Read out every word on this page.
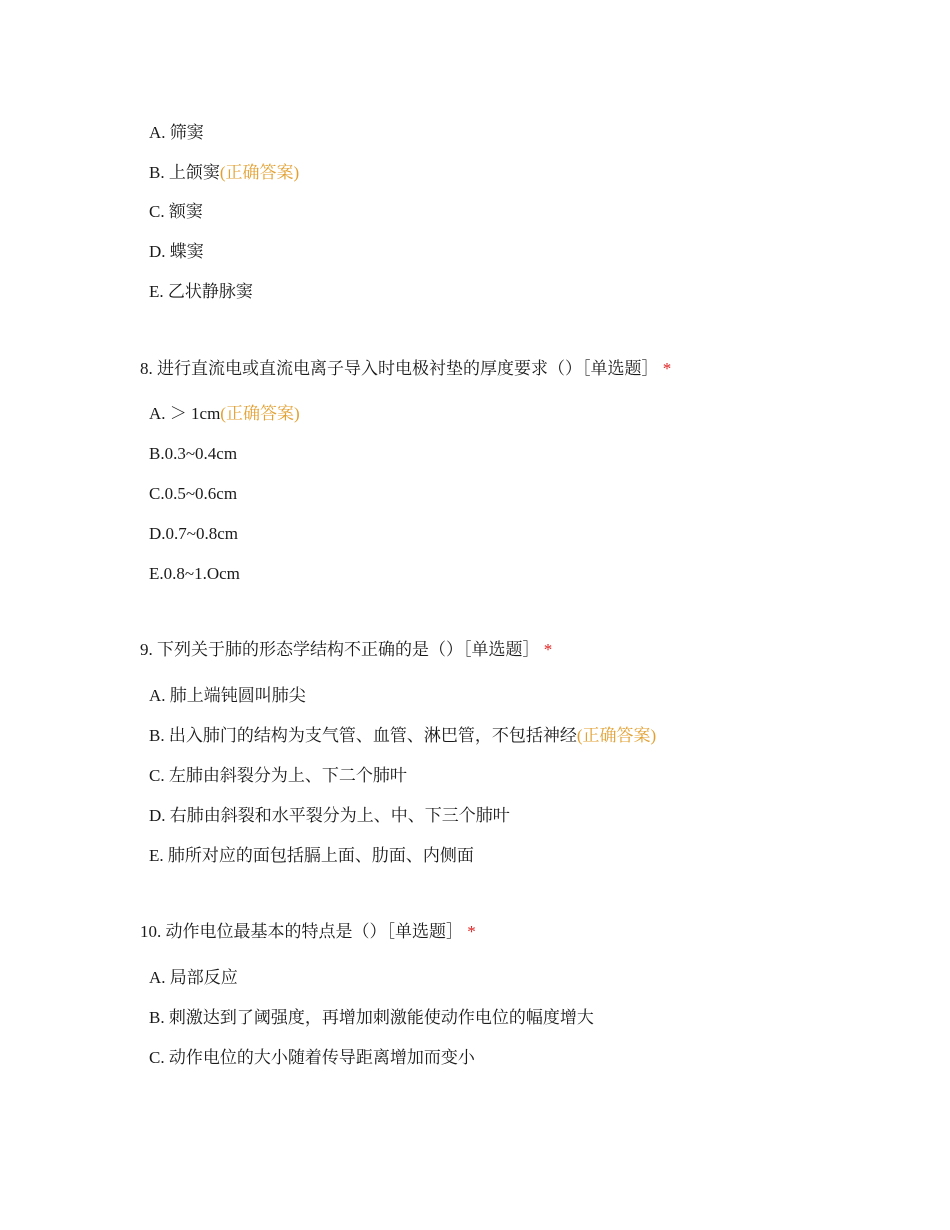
A. 筛窦
B. 上颌窦(正确答案)
C. 额窦
D. 蝶窦
E. 乙状静脉窦
8. 进行直流电或直流电离子导入时电极衬垫的厚度要求（）［单选题］ *
A. ＞ 1cm(正确答案)
B.0.3~0.4cm
C.0.5~0.6cm
D.0.7~0.8cm
E.0.8~1.Ocm
9. 下列关于肺的形态学结构不正确的是（）［单选题］ *
A. 肺上端钝圆叫肺尖
B. 出入肺门的结构为支气管、血管、淋巴管，不包括神经(正确答案)
C. 左肺由斜裂分为上、下二个肺叶
D. 右肺由斜裂和水平裂分为上、中、下三个肺叶
E. 肺所对应的面包括膈上面、肋面、内侧面
10. 动作电位最基本的特点是（）［单选题］ *
A. 局部反应
B. 刺激达到了阈强度，再增加刺激能使动作电位的幅度增大
C. 动作电位的大小随着传导距离增加而变小
